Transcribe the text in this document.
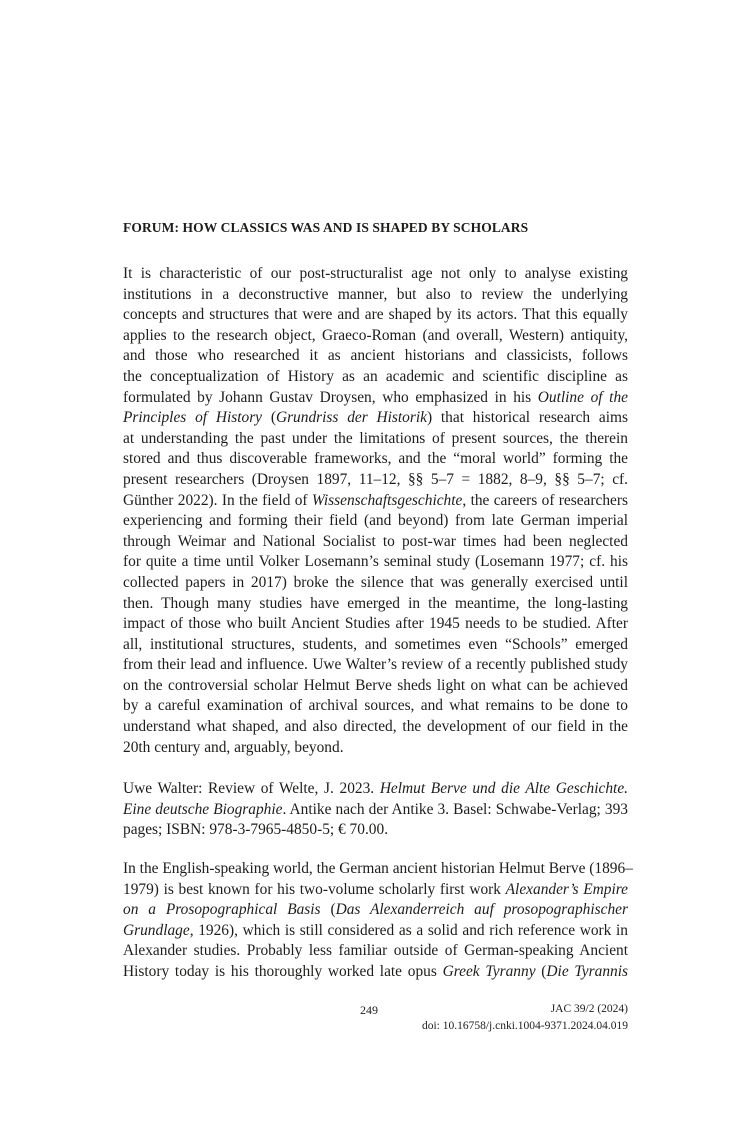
FORUM: HOW CLASSICS WAS AND IS SHAPED BY SCHOLARS

It is characteristic of our post-structuralist age not only to analyse existing
institutions in a deconstructive manner, but also to review the underlying
concepts and structures that were and are shaped by its actors. That this equally
applies to the research object, Graeco-Roman (and overall, Western) antiquity,
and those who researched it as ancient historians and classicists, follows
the conceptualization of History as an academic and scientific discipline as
formulated by Johann Gustav Droysen, who emphasized in his Outline of the
Principles of History (Grundriss der Historik) that historical research aims
at understanding the past under the limitations of present sources, the therein
stored and thus discoverable frameworks, and the “moral world” forming the
present researchers (Droysen 1897, 11–12, §§ 5–7 = 1882, 8–9, §§ 5–7; cf.
Günther 2022). In the field of Wissenschaftsgeschichte, the careers of researchers
experiencing and forming their field (and beyond) from late German imperial
through Weimar and National Socialist to post-war times had been neglected
for quite a time until Volker Losemann’s seminal study (Losemann 1977; cf. his
collected papers in 2017) broke the silence that was generally exercised until
then. Though many studies have emerged in the meantime, the long-lasting
impact of those who built Ancient Studies after 1945 needs to be studied. After
all, institutional structures, students, and sometimes even “Schools” emerged
from their lead and influence. Uwe Walter’s review of a recently published study
on the controversial scholar Helmut Berve sheds light on what can be achieved
by a careful examination of archival sources, and what remains to be done to
understand what shaped, and also directed, the development of our field in the
20th century and, arguably, beyond.

Uwe Walter: Review of Welte, J. 2023. Helmut Berve und die Alte Geschichte.
Eine deutsche Biographie. Antike nach der Antike 3. Basel: Schwabe-Verlag; 393
pages; ISBN: 978-3-7965-4850-5; € 70.00.

In the English-speaking world, the German ancient historian Helmut Berve (1896–
1979) is best known for his two-volume scholarly first work Alexander’s Empire
on a Prosopographical Basis (Das Alexanderreich auf prosopographischer
Grundlage, 1926), which is still considered as a solid and rich reference work in
Alexander studies. Probably less familiar outside of German-speaking Ancient
History today is his thoroughly worked late opus Greek Tyranny (Die Tyrannis

249	JAC 39/2 (2024)
doi: 10.16758/j.cnki.1004-9371.2024.04.019
